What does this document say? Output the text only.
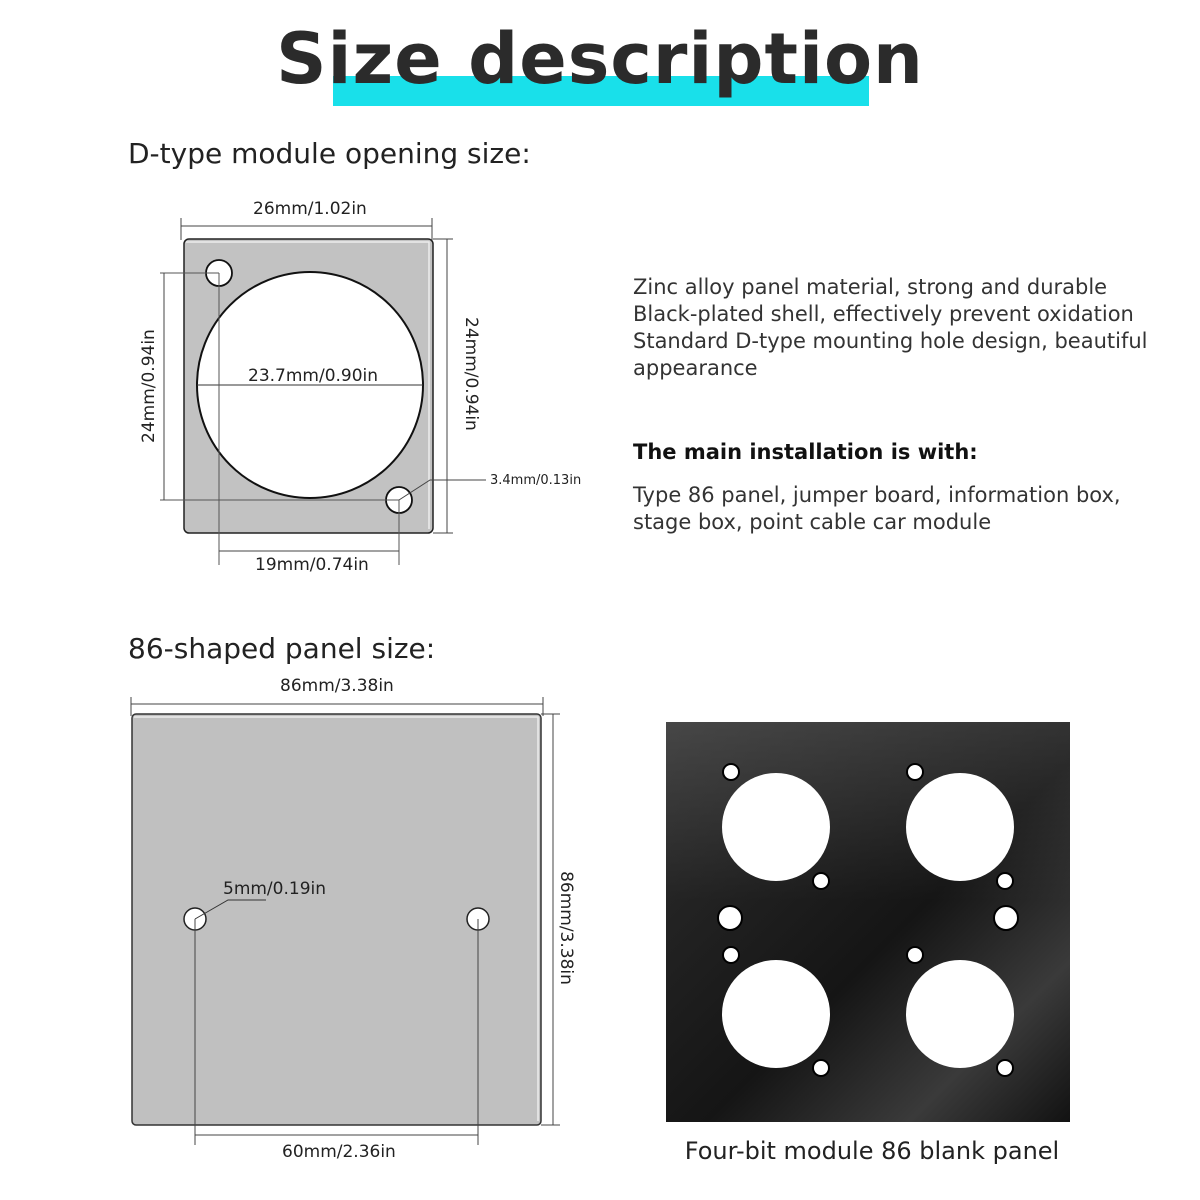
Size description
D-type module opening size:
86-shaped panel size:
26mm/1.02in
23.7mm/0.90in
19mm/0.74in
3.4mm/0.13in
24mm/0.94in	24mm/0.94in
Zinc alloy panel material, strong and durable
Black-plated shell, effectively prevent oxidation
Standard D-type mounting hole design, beautiful
appearance
The main installation is with:
Type 86 panel, jumper board, information box,
stage box, point cable car module
86mm/3.38in
5mm/0.19in
60mm/2.36in
86mm/3.38in
Four-bit module 86 blank panel
